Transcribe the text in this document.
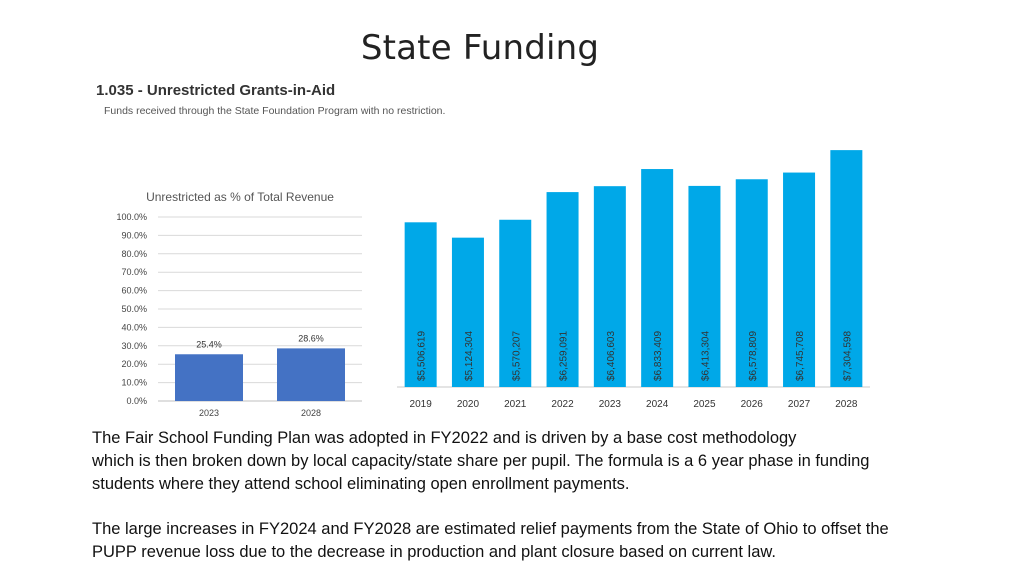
State Funding
1.035 - Unrestricted Grants-in-Aid
Funds received through the State Foundation Program with no restriction.
Unrestricted as % of Total Revenue
0.0%
10.0%
20.0%
30.0%
40.0%
50.0%
60.0%
70.0%
80.0%
90.0%
100.0%
25.4%
2023
28.6%
2028
$5,506,619
2019
$5,124,304
2020
$5,570,207
2021
$6,259,091
2022
$6,406,603
2023
$6,833,409
2024
$6,413,304
2025
$6,578,809
2026
$6,745,708
2027
$7,304,598
2028
The Fair School Funding Plan was adopted in FY2022 and is driven by a base cost methodology
which is then broken down by local capacity/state share per pupil. The formula is a 6 year phase in funding
students where they attend school eliminating open enrollment payments.
The large increases in FY2024 and FY2028 are estimated relief payments from the State of Ohio to offset the
PUPP revenue loss due to the decrease in production and plant closure based on current law.
